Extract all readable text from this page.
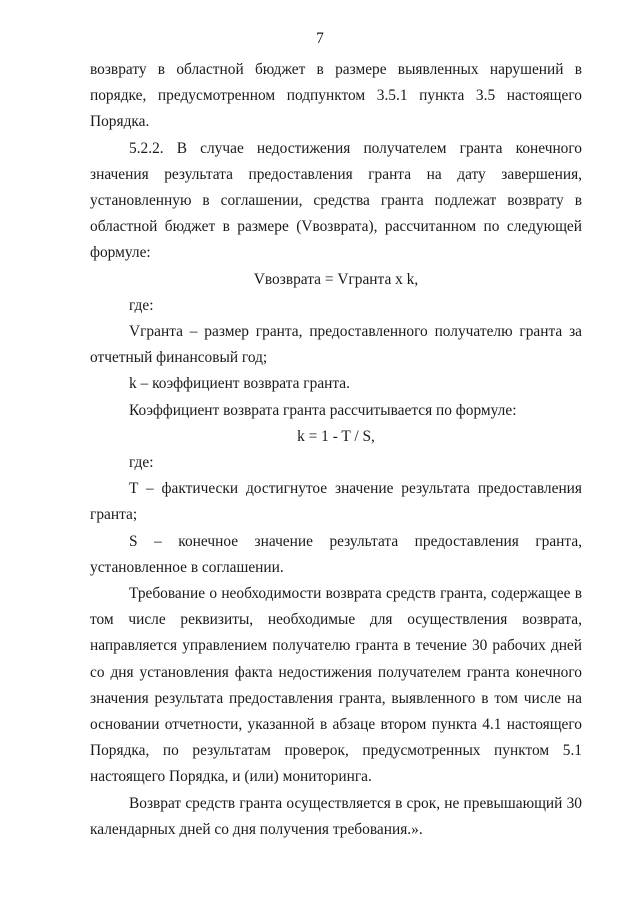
7

возврату в областной бюджет в размере выявленных нарушений в порядке, предусмотренном подпунктом 3.5.1 пункта 3.5 настоящего Порядка.

5.2.2. В случае недостижения получателем гранта конечного значения результата предоставления гранта на дату завершения, установленную в соглашении, средства гранта подлежат возврату в областной бюджет в размере (Vвозврата), рассчитанном по следующей формуле:

Vвозврата = Vгранта x k,

где:

Vгранта – размер гранта, предоставленного получателю гранта за отчетный финансовый год;

k – коэффициент возврата гранта.

Коэффициент возврата гранта рассчитывается по формуле:

k = 1 - T / S,

где:

T – фактически достигнутое значение результата предоставления гранта;

S – конечное значение результата предоставления гранта, установленное в соглашении.

Требование о необходимости возврата средств гранта, содержащее в том числе реквизиты, необходимые для осуществления возврата, направляется управлением получателю гранта в течение 30 рабочих дней со дня установления факта недостижения получателем гранта конечного значения результата предоставления гранта, выявленного в том числе на основании отчетности, указанной в абзаце втором пункта 4.1 настоящего Порядка, по результатам проверок, предусмотренных пунктом 5.1 настоящего Порядка, и (или) мониторинга.

Возврат средств гранта осуществляется в срок, не превышающий 30 календарных дней со дня получения требования.».
